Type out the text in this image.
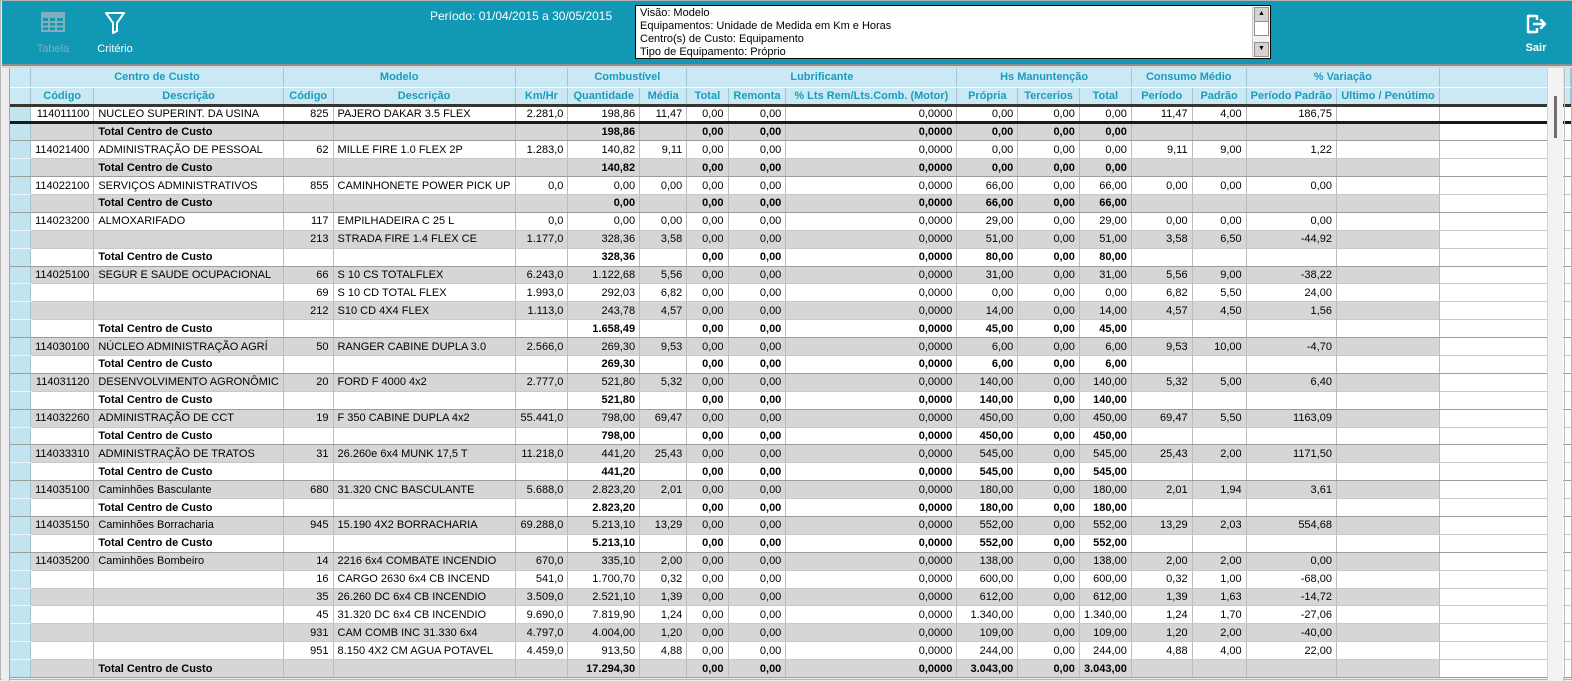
Tabela	Critério
Período: 01/04/2015 a 30/05/2015	Visão: Modelo
Equipamentos: Unidade de Medida em Km e Horas
Centro(s) de Custo: Equipamento
Tipo de Equipamento: Próprio
▲
▼	Sair
	Centro de Custo		Modelo			Combustível		Lubrificante			Hs Manuntenção			Consumo Médio		% Variação		
	Código	Descrição	Código	Descrição	Km/Hr	Quantidade	Média	Total	Remonta	% Lts Rem/Lts.Comb. (Motor)	Própria	Tercerios	Total	Período	Padrão	Período Padrão	Ultimo / Penútimo	
	114011100	NUCLEO SUPERINT. DA USINA	825	PAJERO DAKAR 3.5 FLEX	2.281,0	198,86	11,47	0,00	0,00	0,0000	0,00	0,00	0,00	11,47	4,00	186,75		
		Total Centro de Custo				198,86		0,00	0,00	0,0000	0,00	0,00	0,00					
	114021400	ADMINISTRAÇÃO DE PESSOAL	62	MILLE FIRE 1.0 FLEX 2P	1.283,0	140,82	9,11	0,00	0,00	0,0000	0,00	0,00	0,00	9,11	9,00	1,22		
		Total Centro de Custo				140,82		0,00	0,00	0,0000	0,00	0,00	0,00					
	114022100	SERVIÇOS ADMINISTRATIVOS	855	CAMINHONETE POWER PICK UP	0,0	0,00	0,00	0,00	0,00	0,0000	66,00	0,00	66,00	0,00	0,00	0,00		
		Total Centro de Custo				0,00		0,00	0,00	0,0000	66,00	0,00	66,00					
	114023200	ALMOXARIFADO	117	EMPILHADEIRA C 25 L	0,0	0,00	0,00	0,00	0,00	0,0000	29,00	0,00	29,00	0,00	0,00	0,00		
			213	STRADA FIRE 1.4 FLEX CE	1.177,0	328,36	3,58	0,00	0,00	0,0000	51,00	0,00	51,00	3,58	6,50	-44,92		
		Total Centro de Custo				328,36		0,00	0,00	0,0000	80,00	0,00	80,00					
	114025100	SEGUR E SAUDE OCUPACIONAL	66	S 10 CS TOTALFLEX	6.243,0	1.122,68	5,56	0,00	0,00	0,0000	31,00	0,00	31,00	5,56	9,00	-38,22		
			69	S 10 CD TOTAL FLEX	1.993,0	292,03	6,82	0,00	0,00	0,0000	0,00	0,00	0,00	6,82	5,50	24,00		
			212	S10 CD 4X4 FLEX	1.113,0	243,78	4,57	0,00	0,00	0,0000	14,00	0,00	14,00	4,57	4,50	1,56		
		Total Centro de Custo				1.658,49		0,00	0,00	0,0000	45,00	0,00	45,00					
	114030100	NÚCLEO ADMINISTRAÇÃO AGRÍ	50	RANGER CABINE DUPLA 3.0	2.566,0	269,30	9,53	0,00	0,00	0,0000	6,00	0,00	6,00	9,53	10,00	-4,70		
		Total Centro de Custo				269,30		0,00	0,00	0,0000	6,00	0,00	6,00					
	114031120	DESENVOLVIMENTO AGRONÔMIC	20	FORD F 4000 4x2	2.777,0	521,80	5,32	0,00	0,00	0,0000	140,00	0,00	140,00	5,32	5,00	6,40		
		Total Centro de Custo				521,80		0,00	0,00	0,0000	140,00	0,00	140,00					
	114032260	ADMINISTRAÇÃO DE CCT	19	F 350 CABINE DUPLA 4x2	55.441,0	798,00	69,47	0,00	0,00	0,0000	450,00	0,00	450,00	69,47	5,50	1163,09		
		Total Centro de Custo				798,00		0,00	0,00	0,0000	450,00	0,00	450,00					
	114033310	ADMINISTRAÇÃO DE TRATOS	31	26.260e 6x4 MUNK 17,5 T	11.218,0	441,20	25,43	0,00	0,00	0,0000	545,00	0,00	545,00	25,43	2,00	1171,50		
		Total Centro de Custo				441,20		0,00	0,00	0,0000	545,00	0,00	545,00					
	114035100	Caminhões Basculante	680	31.320 CNC BASCULANTE	5.688,0	2.823,20	2,01	0,00	0,00	0,0000	180,00	0,00	180,00	2,01	1,94	3,61		
		Total Centro de Custo				2.823,20		0,00	0,00	0,0000	180,00	0,00	180,00					
	114035150	Caminhões Borracharia	945	15.190 4X2 BORRACHARIA	69.288,0	5.213,10	13,29	0,00	0,00	0,0000	552,00	0,00	552,00	13,29	2,03	554,68		
		Total Centro de Custo				5.213,10		0,00	0,00	0,0000	552,00	0,00	552,00					
	114035200	Caminhões Bombeiro	14	2216 6x4 COMBATE INCENDIO	670,0	335,10	2,00	0,00	0,00	0,0000	138,00	0,00	138,00	2,00	2,00	0,00		
			16	CARGO 2630 6x4 CB INCEND	541,0	1.700,70	0,32	0,00	0,00	0,0000	600,00	0,00	600,00	0,32	1,00	-68,00		
			35	26.260 DC 6x4 CB INCENDIO	3.509,0	2.521,10	1,39	0,00	0,00	0,0000	612,00	0,00	612,00	1,39	1,63	-14,72		
			45	31.320 DC 6x4 CB INCENDIO	9.690,0	7.819,90	1,24	0,00	0,00	0,0000	1.340,00	0,00	1.340,00	1,24	1,70	-27,06		
			931	CAM COMB INC 31.330 6x4	4.797,0	4.004,00	1,20	0,00	0,00	0,0000	109,00	0,00	109,00	1,20	2,00	-40,00		
			951	8.150 4X2 CM AGUA POTAVEL	4.459,0	913,50	4,88	0,00	0,00	0,0000	244,00	0,00	244,00	4,88	4,00	22,00		
		Total Centro de Custo				17.294,30		0,00	0,00	0,0000	3.043,00	0,00	3.043,00					
